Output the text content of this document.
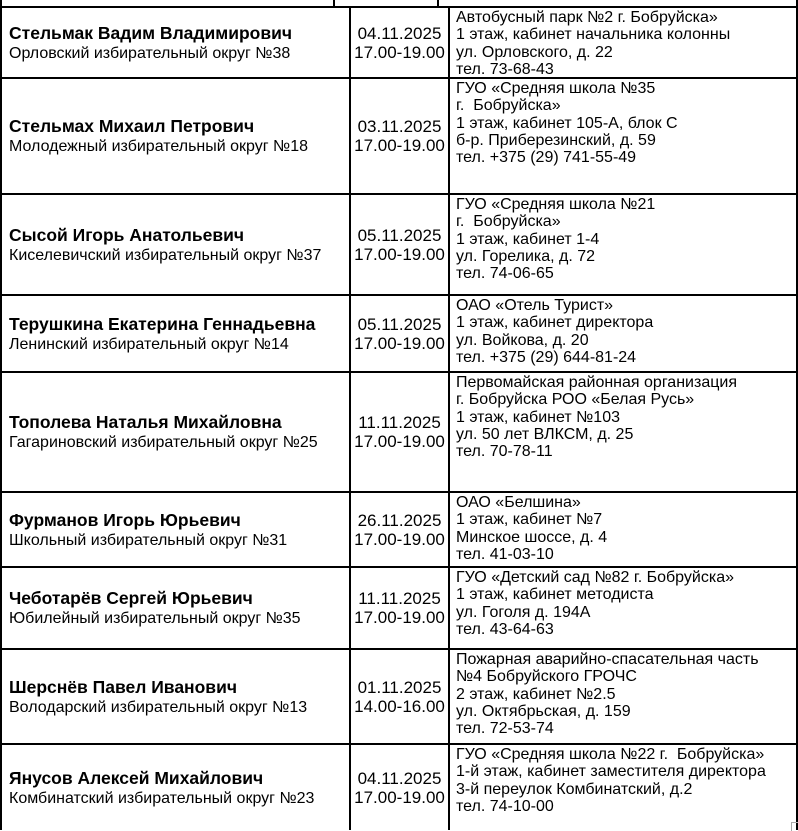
Стельмак Вадим Владимирович
Орловский избирательный округ №38
04.11.2025
17.00-19.00
Автобусный парк №2 г. Бобруйска»
1 этаж, кабинет начальника колонны
ул. Орловского, д. 22
тел. 73-68-43
Стельмах Михаил Петрович
Молодежный избирательный округ №18
03.11.2025
17.00-19.00
ГУО «Средняя школа №35
г.  Бобруйска»
1 этаж, кабинет 105-А, блок С
б-р. Приберезинский, д. 59
тел. +375 (29) 741-55-49
Сысой Игорь Анатольевич
Киселевичский избирательный округ №37
05.11.2025
17.00-19.00
ГУО «Средняя школа №21
г.  Бобруйска»
1 этаж, кабинет 1-4
ул. Горелика, д. 72
тел. 74-06-65
Терушкина Екатерина Геннадьевна
Ленинский избирательный округ №14
05.11.2025
17.00-19.00
ОАО «Отель Турист»
1 этаж, кабинет директора
ул. Войкова, д. 20
тел. +375 (29) 644-81-24
Тополева Наталья Михайловна
Гагариновский избирательный округ №25
11.11.2025
17.00-19.00
Первомайская районная организация
г. Бобруйска РОО «Белая Русь»
1 этаж, кабинет №103
ул. 50 лет ВЛКСМ, д. 25
тел. 70-78-11
Фурманов Игорь Юрьевич
Школьный избирательный округ №31
26.11.2025
17.00-19.00
ОАО «Белшина»
1 этаж, кабинет №7
Минское шоссе, д. 4
тел. 41-03-10
Чеботарёв Сергей Юрьевич
Юбилейный избирательный округ №35
11.11.2025
17.00-19.00
ГУО «Детский сад №82 г. Бобруйска»
1 этаж, кабинет методиста
ул. Гоголя д. 194А
тел. 43-64-63
Шерснёв Павел Иванович
Володарский избирательный округ №13
01.11.2025
14.00-16.00
Пожарная аварийно-спасательная часть
№4 Бобруйского ГРОЧС
2 этаж, кабинет №2.5
ул. Октябрьская, д. 159
тел. 72-53-74
Янусов Алексей Михайлович
Комбинатский избирательный округ №23
04.11.2025
17.00-19.00
ГУО «Средняя школа №22 г.  Бобруйска»
1-й этаж, кабинет заместителя директора
3-й переулок Комбинатский, д.2
тел. 74-10-00
